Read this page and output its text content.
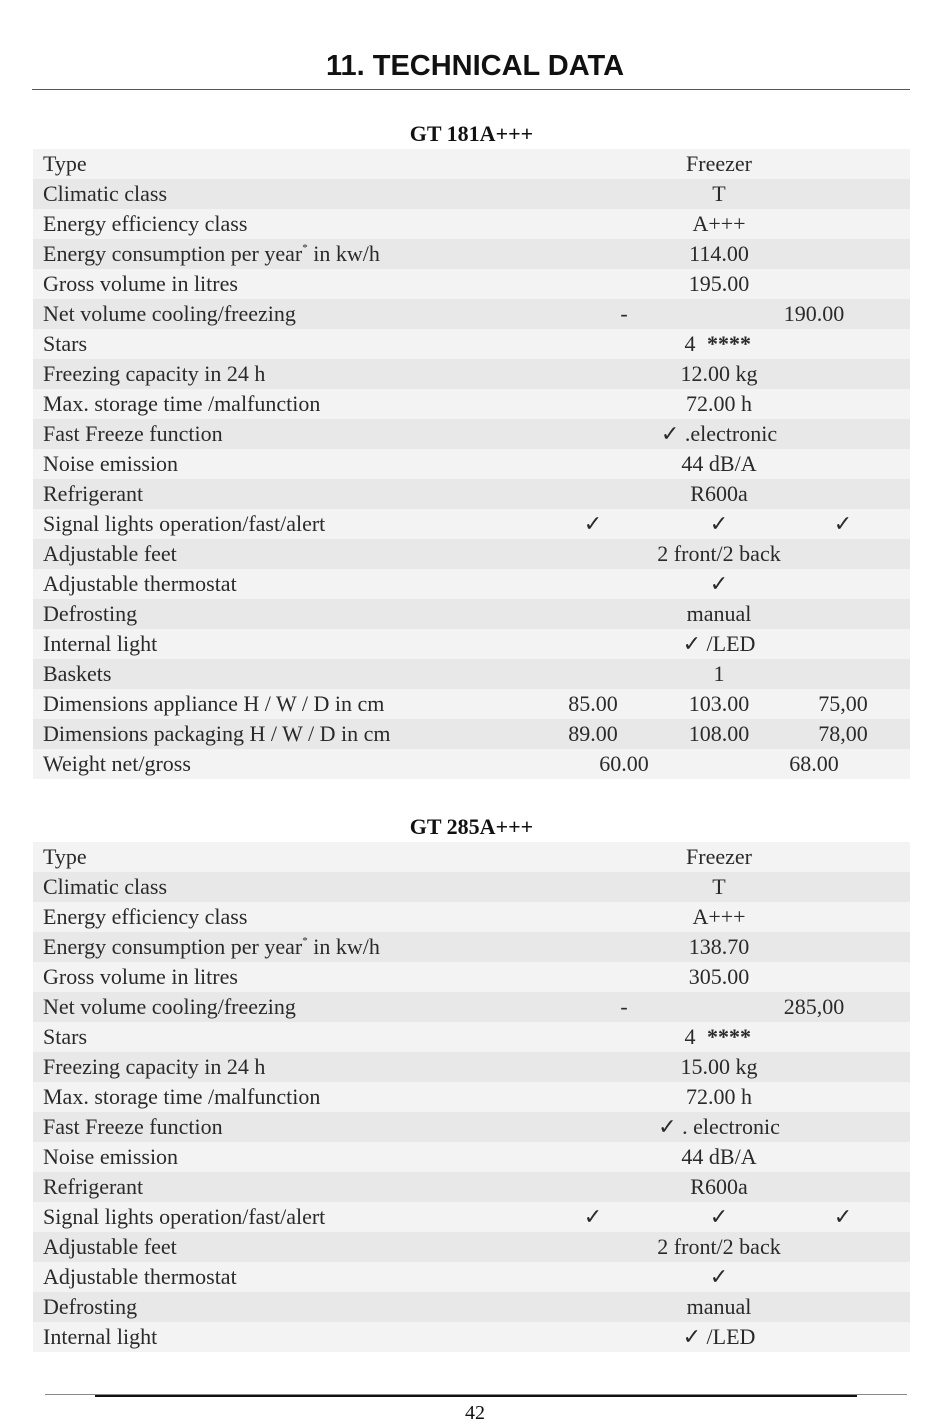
11. TECHNICAL DATA
GT 181A+++
Type	Freezer
Climatic class	T
Energy efficiency class	A+++
Energy consumption per year* in kw/h	114.00
Gross volume in litres	195.00
Net volume cooling/freezing	-	190.00
Stars	4 ****
Freezing capacity in 24 h	12.00 kg
Max. storage time /malfunction	72.00 h
Fast Freeze function	✓ .electronic
Noise emission	44 dB/A
Refrigerant	R600a
Signal lights operation/fast/alert	✓	✓	✓
Adjustable feet	2 front/2 back
Adjustable thermostat	✓
Defrosting	manual
Internal light	✓ /LED
Baskets	1
Dimensions appliance H / W / D in cm	85.00	103.00	75,00
Dimensions packaging H / W / D in cm	89.00	108.00	78,00
Weight net/gross	60.00	68.00
GT 285A+++
Type	Freezer
Climatic class	T
Energy efficiency class	A+++
Energy consumption per year* in kw/h	138.70
Gross volume in litres	305.00
Net volume cooling/freezing	-	285,00
Stars	4 ****
Freezing capacity in 24 h	15.00 kg
Max. storage time /malfunction	72.00 h
Fast Freeze function	✓ . electronic
Noise emission	44 dB/A
Refrigerant	R600a
Signal lights operation/fast/alert	✓	✓	✓
Adjustable feet	2 front/2 back
Adjustable thermostat	✓
Defrosting	manual
Internal light	✓ /LED
42
